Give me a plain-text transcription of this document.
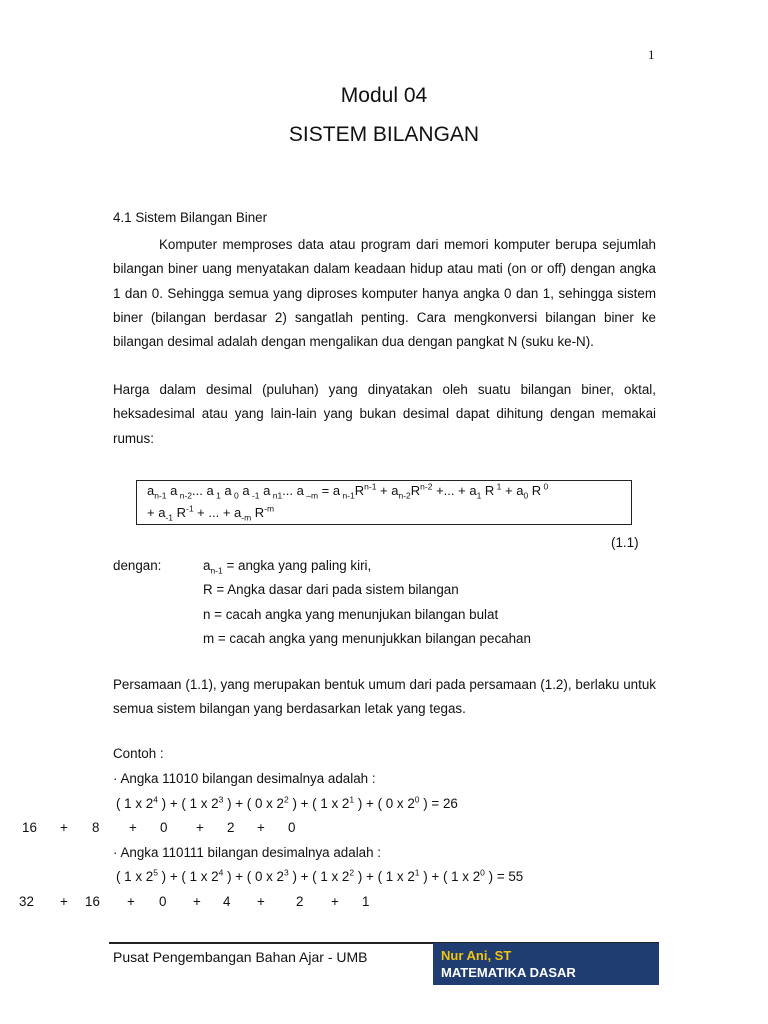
1
Modul 04
SISTEM BILANGAN
4.1 Sistem Bilangan Biner
Komputer memproses data atau program dari memori komputer berupa sejumlah bilangan biner uang menyatakan dalam keadaan hidup atau mati (on or off) dengan angka 1 dan 0. Sehingga semua yang diproses komputer hanya angka 0 dan 1, sehingga sistem biner (bilangan berdasar 2) sangatlah penting. Cara mengkonversi bilangan biner ke bilangan desimal adalah dengan mengalikan dua dengan pangkat N (suku ke-N).
Harga dalam desimal (puluhan) yang dinyatakan oleh suatu bilangan biner, oktal, heksadesimal atau yang lain-lain yang bukan desimal dapat dihitung dengan memakai rumus:
$a_{n-1}$ a $_{n-2}$... a $_1$ a $_0$ a $_{-1}$ a $_{n1}$... a $_{-m}$ = a $_{n-1}R^{n-1} + a_{n-2}R^{n-2}$ +... + $a_1$ R $^1 + a_0$ R $^0$
+ $a_{-1}$ $R^{-1}$ + ... + $a_{-m}$ $R^{-m}$
(1.1)
dengan:	$a_{n-1}$ = angka yang paling kiri,
R = Angka dasar dari pada sistem bilangan
n = cacah angka yang menunjukan bilangan bulat
m = cacah angka yang menunjukkan bilangan pecahan
Persamaan (1.1), yang merupakan bentuk umum dari pada persamaan (1.2), berlaku untuk semua sistem bilangan yang berdasarkan letak yang tegas.
Contoh :
· Angka 11010 bilangan desimalnya adalah :
( 1 x $2^4$ ) + ( 1 x $2^3$ ) + ( 0 x $2^2$ ) + ( 1 x $2^1$ ) + ( 0 x $2^0$ ) = 26
16 + 8 + 0 + 2 + 0
· Angka 110111 bilangan desimalnya adalah :
( 1 x $2^5$ ) + ( 1 x $2^4$ ) + ( 0 x $2^3$ ) + ( 1 x $2^2$ ) + ( 1 x $2^1$ ) + ( 1 x $2^0$ ) = 55
32 + 16 + 0 + 4 + 2 + 1
Pusat Pengembangan Bahan Ajar - UMB	Nur Ani, ST
MATEMATIKA DASAR
